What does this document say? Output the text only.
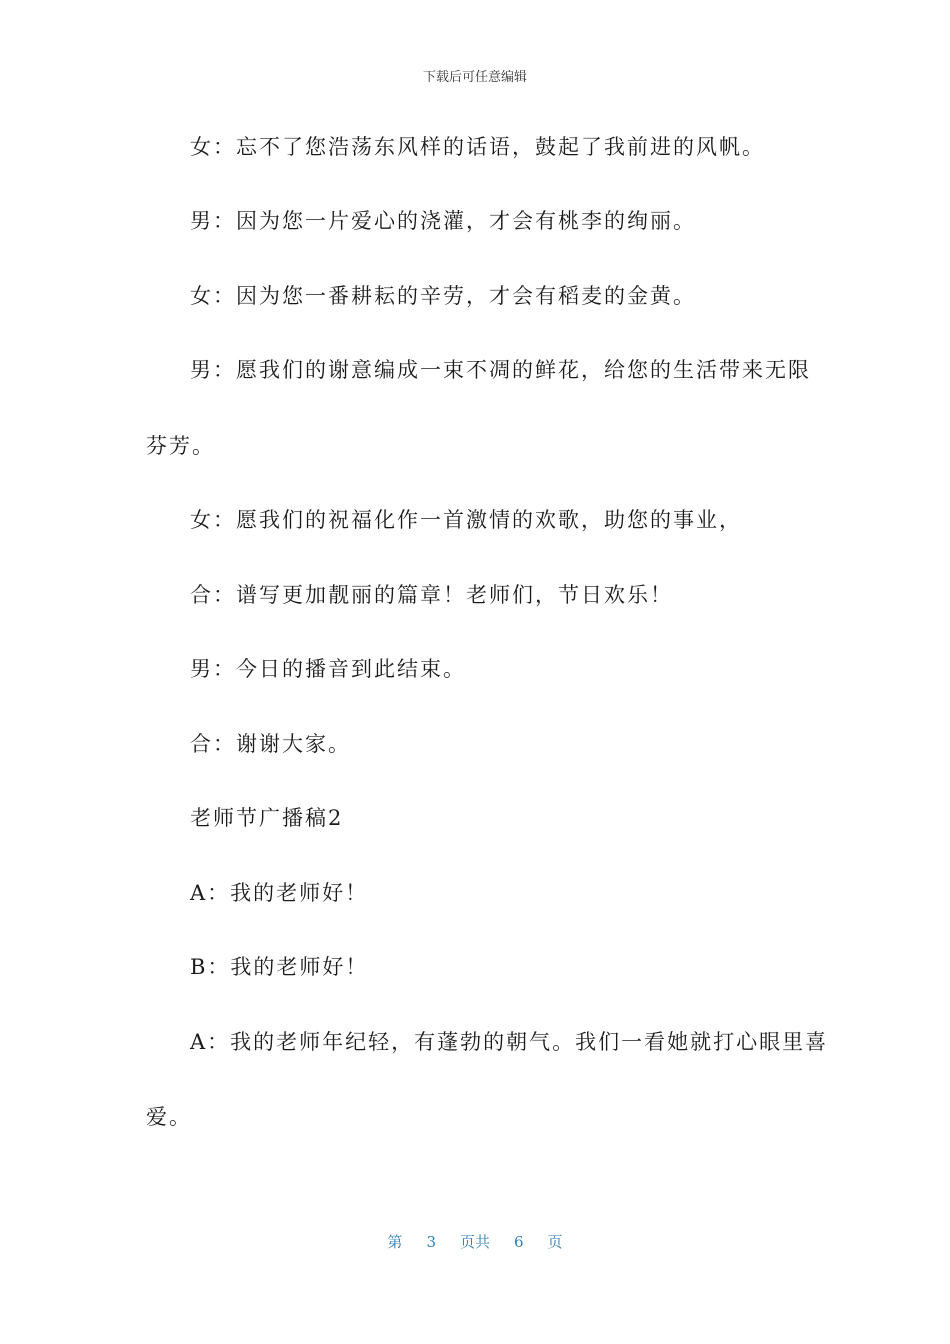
下载后可任意编辑
女：忘不了您浩荡东风样的话语，鼓起了我前进的风帆。
男：因为您一片爱心的浇灌，才会有桃李的绚丽。
女：因为您一番耕耘的辛劳，才会有稻麦的金黄。
男：愿我们的谢意编成一束不凋的鲜花，给您的生活带来无限
芬芳。
女：愿我们的祝福化作一首激情的欢歌，助您的事业，
合：谱写更加靓丽的篇章！老师们，节日欢乐！
男：今日的播音到此结束。
合：谢谢大家。
老师节广播稿2
A：我的老师好！
B：我的老师好！
A：我的老师年纪轻，有蓬勃的朝气。我们一看她就打心眼里喜
爱。
第 3 页共 6 页
